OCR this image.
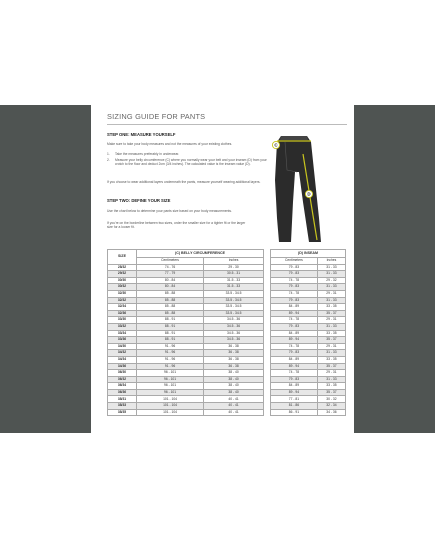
SIZING GUIDE FOR PANTS
STEP ONE: MEASURE YOURSELF
Make sure to take your body measures and not the measures of your existing clothes.
1.	Take the measures preferably in underwear.
2.	Measure your belly circumference (C) where you normally wear your belt and your inseam (D) from your crotch to the floor and deduct 2cm (3/4 inches). The calculated value is the inseam value (D).
If you choose to wear additional layers underneath the pants, measure yourself wearing additional layers.
STEP TWO: DEFINE YOUR SIZE
Use the chart below to determine your pants size based on your body measurements.
If you're on the borderline between two sizes, order the smaller size for a tighter fit or the larger size for a looser fit.
C
D
SIZE	(C) BELLY CIRCUMFERENCE			(D) INSEAM	
	Centimeters	Inches		Centimeters	Inches
28/32	74 - 76	29 - 30		79 - 83	31 - 33
29/32	77 - 79	30.5 - 31		79 - 83	31 - 33
30/30	80 - 84	31.5 - 33		74 - 78	29 - 32
30/32	80 - 84	31.5 - 33		79 - 83	31 - 33
32/30	85 - 88	33.5 - 34.5		74 - 78	29 - 31
32/32	85 - 88	33.5 - 34.5		79 - 83	31 - 33
32/34	85 - 88	33.5 - 34.5		84 - 89	33 - 35
32/36	85 - 88	33.5 - 34.5		89 - 94	35 - 37
33/30	88 - 91	34.5 - 36		74 - 78	29 - 31
33/32	88 - 91	34.5 - 36		79 - 83	31 - 33
33/34	88 - 91	34.5 - 36		84 - 89	33 - 35
33/36	88 - 91	34.5 - 36		89 - 94	35 - 37
34/30	91 - 96	36 - 38		74 - 78	29 - 31
34/32	91 - 96	36 - 38		79 - 83	31 - 33
34/34	91 - 96	36 - 38		84 - 89	33 - 35
34/36	91 - 96	36 - 38		89 - 94	35 - 37
36/30	96 - 101	38 - 40		74 - 78	29 - 31
36/32	96 - 101	38 - 40		79 - 83	31 - 33
36/34	96 - 101	38 - 40		84 - 89	33 - 35
36/36	96 - 101	38 - 40		89 - 94	35 - 37
38/31	101 - 104	40 - 41		77 - 81	30 - 32
38/33	101 - 104	40 - 41		81 - 86	32 - 34
38/35	101 - 104	40 - 41		86 - 91	34 - 36
